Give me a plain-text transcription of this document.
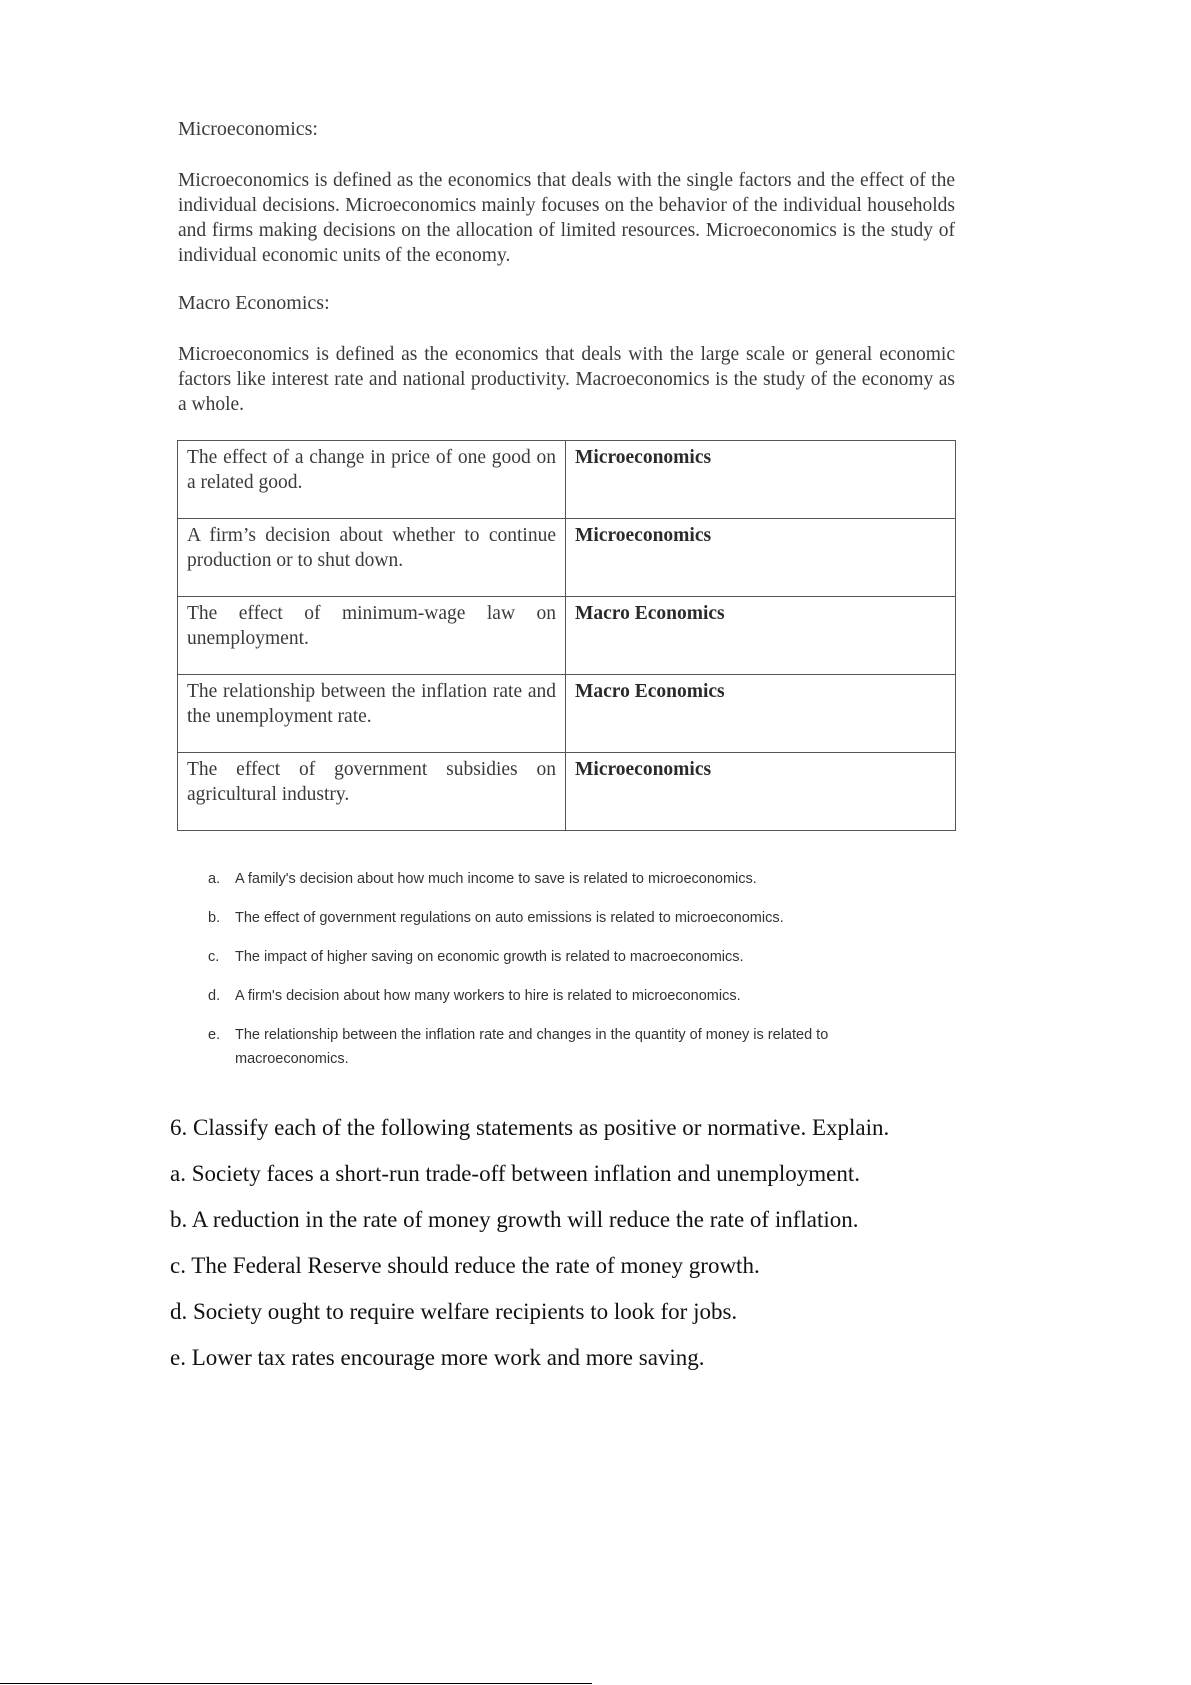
Microeconomics:
Microeconomics is defined as the economics that deals with the single factors and the effect of the individual decisions. Microeconomics mainly focuses on the behavior of the individual households and firms making decisions on the allocation of limited resources. Microeconomics is the study of individual economic units of the economy.
Macro Economics:
Microeconomics is defined as the economics that deals with the large scale or general economic factors like interest rate and national productivity. Macroeconomics is the study of the economy as a whole.
The effect of a change in price of one good on a related good.	Microeconomics
A firm’s decision about whether to continue production or to shut down.	Microeconomics
The effect of minimum-wage law on unemployment.	Macro Economics
The relationship between the inflation rate and the unemployment rate.	Macro Economics
The effect of government subsidies on agricultural industry.	Microeconomics
a. A family's decision about how much income to save is related to microeconomics.
b. The effect of government regulations on auto emissions is related to microeconomics.
c. The impact of higher saving on economic growth is related to macroeconomics.
d. A firm's decision about how many workers to hire is related to microeconomics.
e. The relationship between the inflation rate and changes in the quantity of money is related to macroeconomics.

6. Classify each of the following statements as positive or normative. Explain.

a. Society faces a short-run trade-off between inflation and unemployment.

b. A reduction in the rate of money growth will reduce the rate of inflation.

c. The Federal Reserve should reduce the rate of money growth.

d. Society ought to require welfare recipients to look for jobs.

e. Lower tax rates encourage more work and more saving.
